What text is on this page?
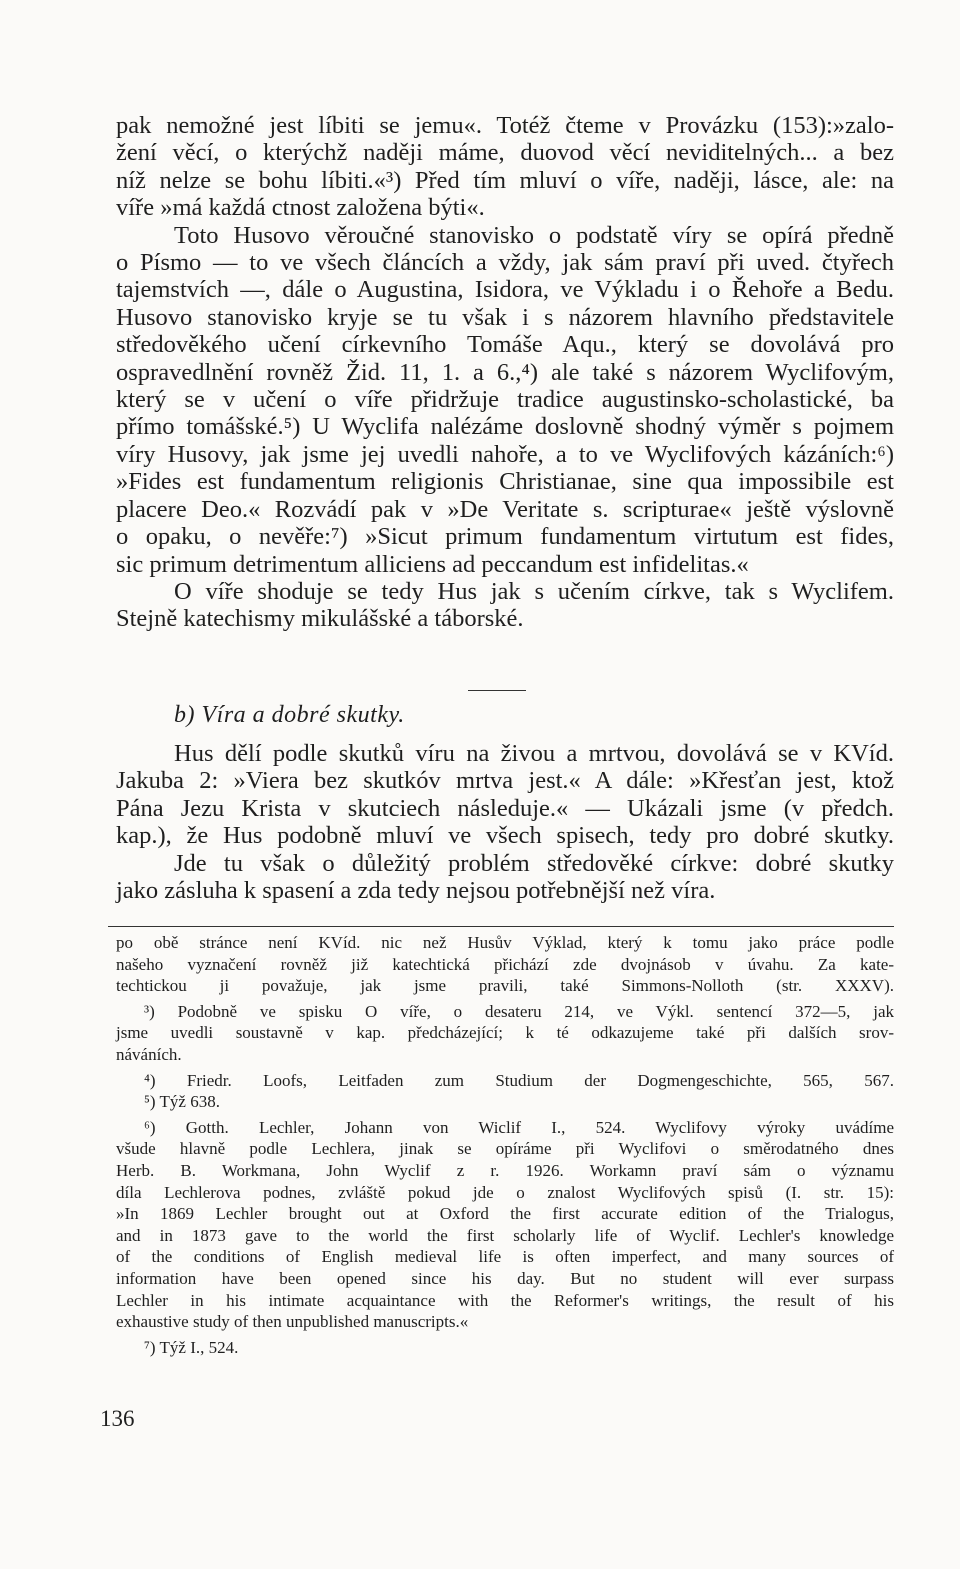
pak nemožné jest líbiti se jemu«. Totéž čteme v Provázku (153):»zalo-
žení věcí, o kterýchž naději máme, duovod věcí neviditelných... a bez
níž nelze se bohu líbiti.«³) Před tím mluví o víře, naději, lásce, ale: na
víře »má každá ctnost založena býti«.
Toto Husovo věroučné stanovisko o podstatě víry se opírá předně
o Písmo — to ve všech článcích a vždy, jak sám praví při uved. čtyřech
tajemstvích —, dále o Augustina, Isidora, ve Výkladu i o Řehoře a Bedu.
Husovo stanovisko kryje se tu však i s názorem hlavního představitele
středověkého učení církevního Tomáše Aqu., který se dovolává pro
ospravedlnění rovněž Žid. 11, 1. a 6.,⁴) ale také s názorem Wyclifovým,
který se v učení o víře přidržuje tradice augustinsko-scholastické, ba
přímo tomášské.⁵) U Wyclifa nalézáme doslovně shodný výměr s pojmem
víry Husovy, jak jsme jej uvedli nahoře, a to ve Wyclifových kázáních:⁶)
»Fides est fundamentum religionis Christianae, sine qua impossibile est
placere Deo.« Rozvádí pak v »De Veritate s. scripturae« ještě výslovně
o opaku, o nevěře:⁷) »Sicut primum fundamentum virtutum est fides,
sic primum detrimentum alliciens ad peccandum est infidelitas.«
O víře shoduje se tedy Hus jak s učením církve, tak s Wyclifem.
Stejně katechismy mikulášské a táborské.
b) Víra a dobré skutky.
Hus dělí podle skutků víru na živou a mrtvou, dovolává se v KVíd.
Jakuba 2: »Viera bez skutkóv mrtva jest.« A dále: »Křesťan jest, ktož
Pána Jezu Krista v skutciech následuje.« — Ukázali jsme (v předch.
kap.), že Hus podobně mluví ve všech spisech, tedy pro dobré skutky.
Jde tu však o důležitý problém středověké církve: dobré skutky
jako zásluha k spasení a zda tedy nejsou potřebnější než víra.
po obě stránce není KVíd. nic než Husův Výklad, který k tomu jako práce podle
našeho vyznačení rovněž již katechtická přichází zde dvojnásob v úvahu. Za kate-
techtickou ji považuje, jak jsme pravili, také Simmons-Nolloth (str. XXXV).
³) Podobně ve spisku O víře, o desateru 214, ve Výkl. sentencí 372—5, jak
jsme uvedli soustavně v kap. předcházející; k té odkazujeme také při dalších srov-
náváních.
⁴) Friedr. Loofs, Leitfaden zum Studium der Dogmengeschichte, 565, 567.
⁵) Týž 638.
⁶) Gotth. Lechler, Johann von Wiclif I., 524. Wyclifovy výroky uvádíme
všude hlavně podle Lechlera, jinak se opíráme při Wyclifovi o směrodatného dnes
Herb. B. Workmana, John Wyclif z r. 1926. Workamn praví sám o významu
díla Lechlerova podnes, zvláště pokud jde o znalost Wyclifových spisů (I. str. 15):
»In 1869 Lechler brought out at Oxford the first accurate edition of the Trialogus,
and in 1873 gave to the world the first scholarly life of Wyclif. Lechler's knowledge
of the conditions of English medieval life is often imperfect, and many sources of
information have been opened since his day. But no student will ever surpass
Lechler in his intimate acquaintance with the Reformer's writings, the result of his
exhaustive study of then unpublished manuscripts.«
⁷) Týž I., 524.
136
